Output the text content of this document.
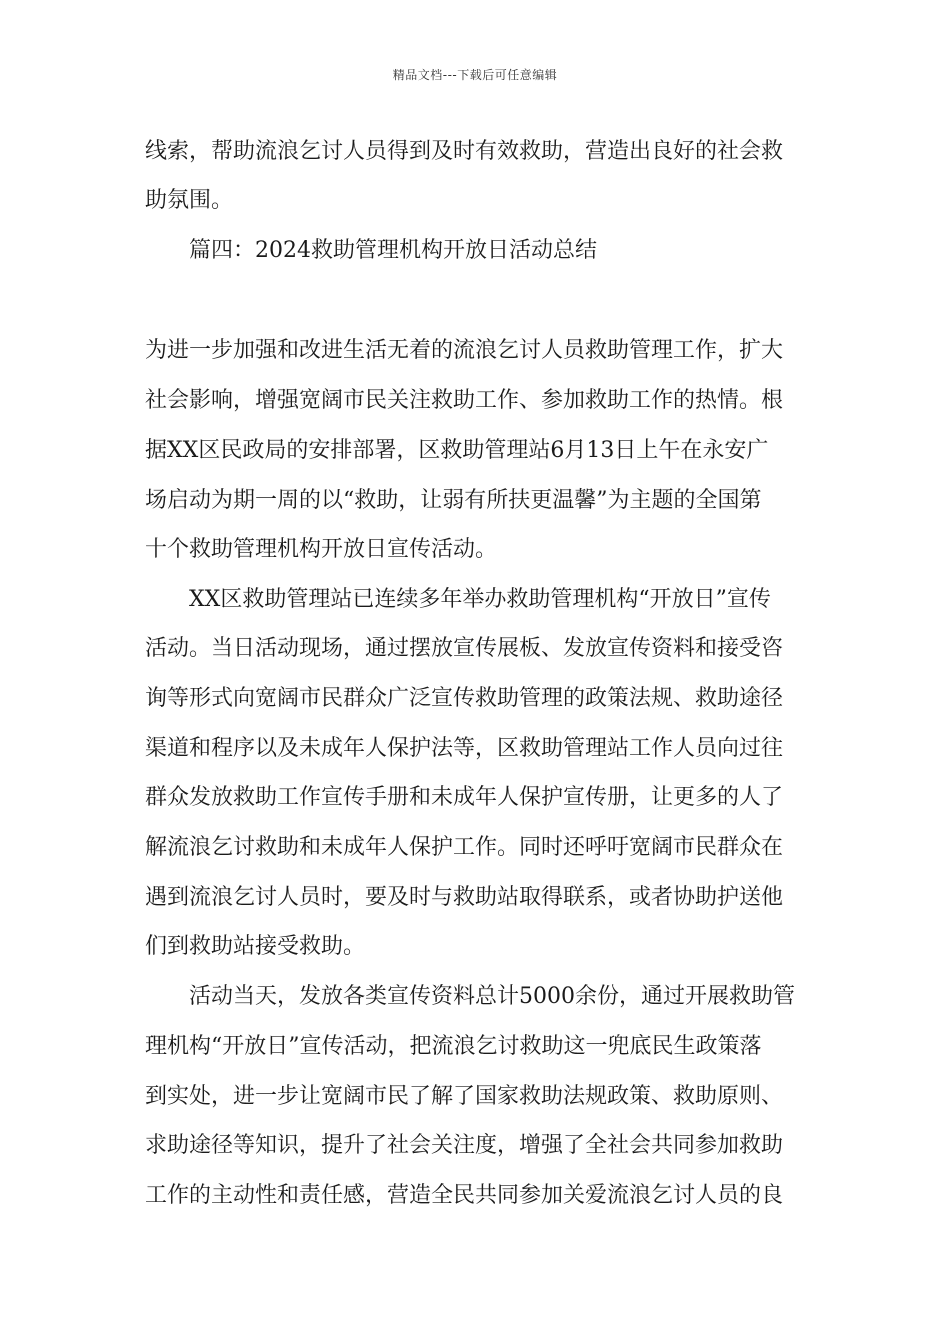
精品文档---下载后可任意编辑
线索，帮助流浪乞讨人员得到及时有效救助，营造出良好的社会救
助氛围。
篇四：2024救助管理机构开放日活动总结
为进一步加强和改进生活无着的流浪乞讨人员救助管理工作，扩大
社会影响，增强宽阔市民关注救助工作、参加救助工作的热情。根
据XX区民政局的安排部署，区救助管理站6月13日上午在永安广
场启动为期一周的以“救助，让弱有所扶更温馨”为主题的全国第
十个救助管理机构开放日宣传活动。
XX区救助管理站已连续多年举办救助管理机构“开放日”宣传
活动。当日活动现场，通过摆放宣传展板、发放宣传资料和接受咨
询等形式向宽阔市民群众广泛宣传救助管理的政策法规、救助途径
渠道和程序以及未成年人保护法等，区救助管理站工作人员向过往
群众发放救助工作宣传手册和未成年人保护宣传册，让更多的人了
解流浪乞讨救助和未成年人保护工作。同时还呼吁宽阔市民群众在
遇到流浪乞讨人员时，要及时与救助站取得联系，或者协助护送他
们到救助站接受救助。
活动当天，发放各类宣传资料总计5000余份，通过开展救助管
理机构“开放日”宣传活动，把流浪乞讨救助这一兜底民生政策落
到实处，进一步让宽阔市民了解了国家救助法规政策、救助原则、
求助途径等知识，提升了社会关注度，增强了全社会共同参加救助
工作的主动性和责任感，营造全民共同参加关爱流浪乞讨人员的良
